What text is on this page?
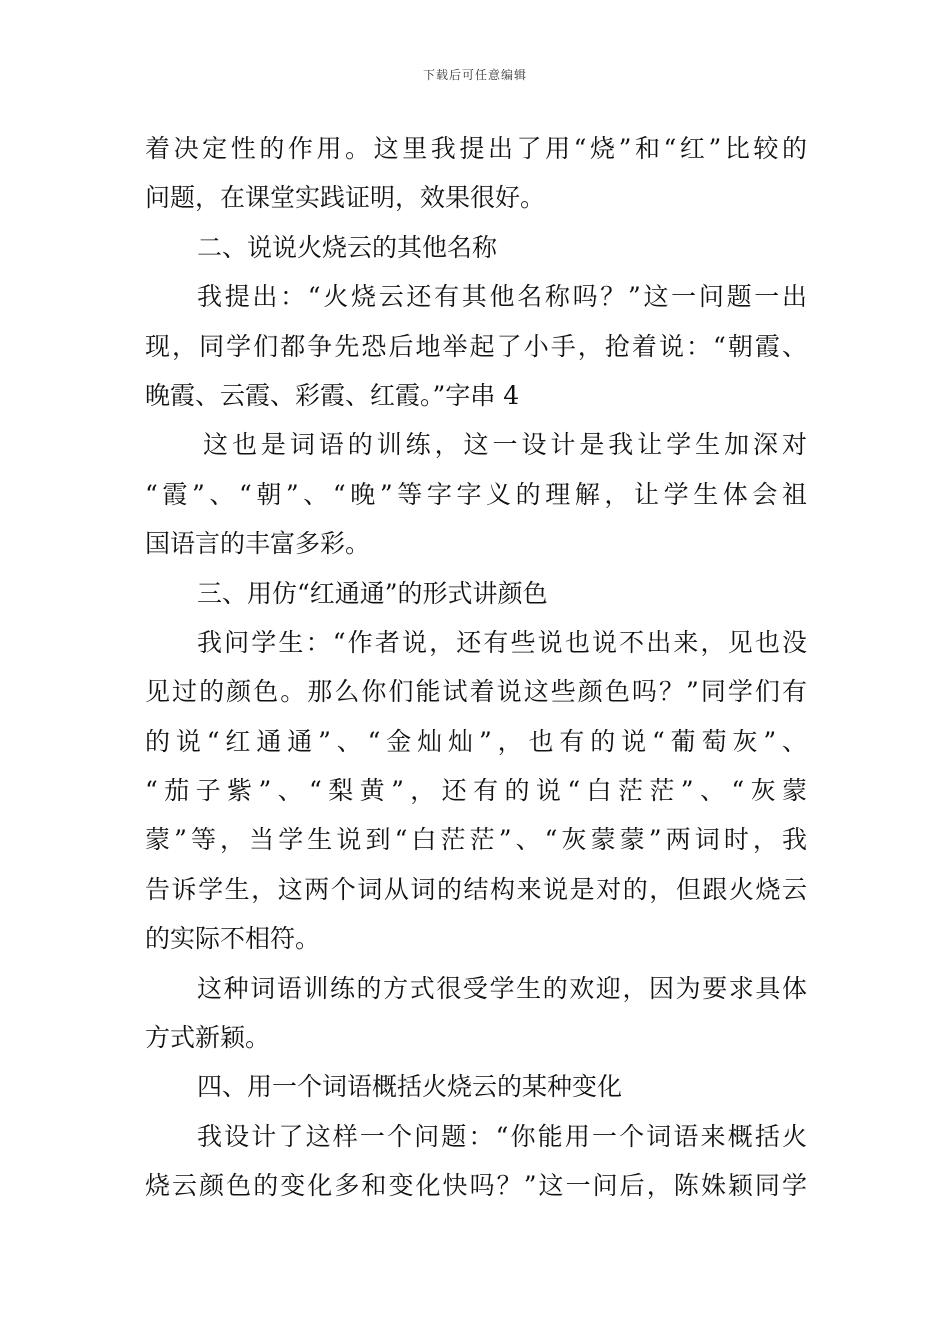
下载后可任意编辑
着决定性的作用。这里我提出了用“烧”和“红”比较的
问题，在课堂实践证明，效果很好。
二、说说火烧云的其他名称
我提出：“火烧云还有其他名称吗？”这一问题一出
现，同学们都争先恐后地举起了小手，抢着说：“朝霞、
晚霞、云霞、彩霞、红霞。”字串 4
这也是词语的训练，这一设计是我让学生加深对
“霞”、“朝”、“晚”等字字义的理解，让学生体会祖
国语言的丰富多彩。
三、用仿“红通通”的形式讲颜色
我问学生：“作者说，还有些说也说不出来，见也没
见过的颜色。那么你们能试着说这些颜色吗？”同学们有
的说“红通通”、“金灿灿”，也有的说“葡萄灰”、
“茄子紫”、“梨黄”，还有的说“白茫茫”、“灰蒙
蒙”等，当学生说到“白茫茫”、“灰蒙蒙”两词时，我
告诉学生，这两个词从词的结构来说是对的，但跟火烧云
的实际不相符。
这种词语训练的方式很受学生的欢迎，因为要求具体
方式新颖。
四、用一个词语概括火烧云的某种变化
我设计了这样一个问题：“你能用一个词语来概括火
烧云颜色的变化多和变化快吗？”这一问后，陈姝颖同学
